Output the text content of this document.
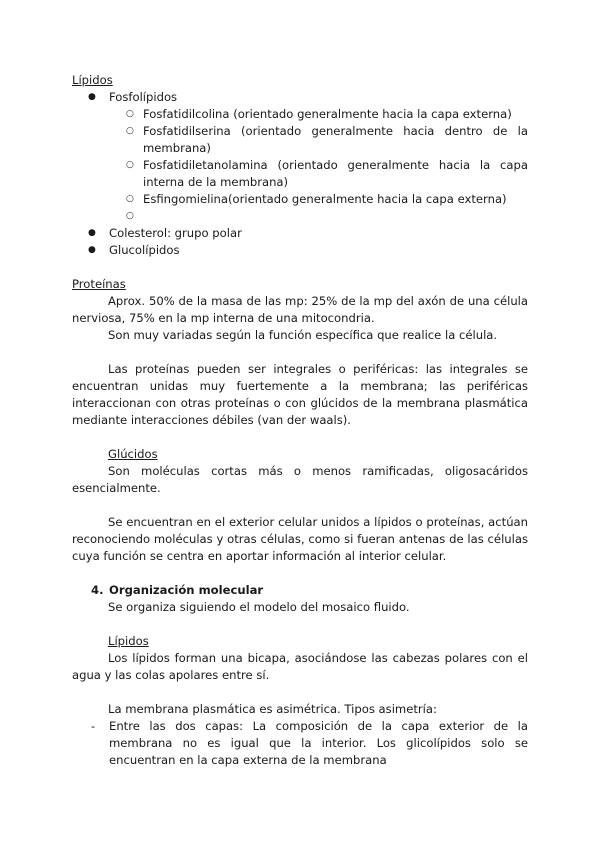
Lípidos

● Fosfolípidos
○ Fosfatidilcolina (orientado generalmente hacia la capa externa)
○ Fosfatidilserina (orientado generalmente hacia dentro de la membrana)
○ Fosfatidiletanolamina (orientado generalmente hacia la capa interna de la membrana)
○ Esfingomielina(orientado generalmente hacia la capa externa)
○
● Colesterol: grupo polar
● Glucolípidos

Proteínas

Aprox. 50% de la masa de las mp: 25% de la mp del axón de una célula nerviosa, 75% en la mp interna de una mitocondria.

Son muy variadas según la función específica que realice la célula.

Las proteínas pueden ser integrales o periféricas: las integrales se encuentran unidas muy fuertemente a la membrana; las periféricas interaccionan con otras proteínas o con glúcidos de la membrana plasmática mediante interacciones débiles (van der waals).

Glúcidos

Son moléculas cortas más o menos ramificadas, oligosacáridos esencialmente.

Se encuentran en el exterior celular unidos a lípidos o proteínas, actúan reconociendo moléculas y otras células, como si fueran antenas de las células cuya función se centra en aportar información al interior celular.

4. Organización molecular

Se organiza siguiendo el modelo del mosaico fluido.

Lípidos

Los lípidos forman una bicapa, asociándose las cabezas polares con el agua y las colas apolares entre sí.

La membrana plasmática es asimétrica. Tipos asimetría:

- Entre las dos capas: La composición de la capa exterior de la membrana no es igual que la interior. Los glicolípidos solo se encuentran en la capa externa de la membrana
